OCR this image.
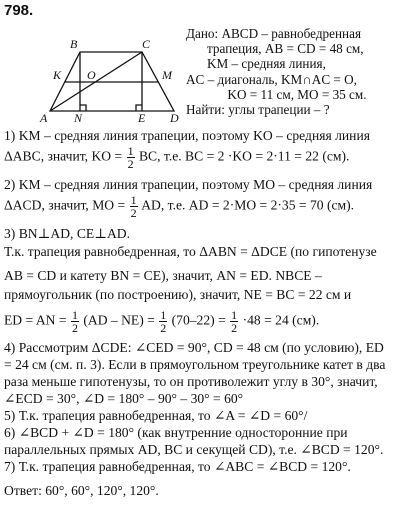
798.
B	C
K O	M
A N	E D
Дано: ABCD – равнобедренная
трапеция, AB = CD = 48 см,
KM – средняя линия,
AC – диагональ, KM∩AC = O,
KO = 11 см, MO = 35 см.
Найти: углы трапеции – ?
1) KM – средняя линия трапеции, поэтому KO – средняя линия
ΔABC, значит, KO = $\frac{1}{2}$ BC, т.е. BC = 2 ·KO = 2·11 = 22 (см).
2) KM – средняя линия трапеции, поэтому MO – средняя линия
ΔACD, значит, MO = $\frac{1}{2}$ AD, т.е. AD = 2·MO = 2·35 = 70 (см).
3) BN⊥AD, CE⊥AD.
Т.к. трапеция равнобедренная, то ΔABN = ΔDCE (по гипотенузе
AB = CD и катету BN = CE), значит, AN = ED. NBCE –
прямоугольник (по построению), значит, NE = BC = 22 см и
ED = AN = $\frac{1}{2} (AD - NE) = \frac{1}{2} (70-22) = \frac{1}{2} \cdot 48 = 24$ (см).
4) Рассмотрим ΔCDE: ∠CED = 90°, CD = 48 см (по условию), ED
= 24 см (см. п. 3). Если в прямоугольном треугольнике катет в два
раза меньше гипотенузы, то он противолежит углу в 30°, значит,
∠ECD = 30°, ∠D = 180° – 90° – 30° = 60°
5) Т.к. трапеция равнобедренная, то ∠A = ∠D = 60°/
6) ∠BCD + ∠D = 180° (как внутренние односторонние при
параллельных прямых AD, BC и секущей CD), т.е. ∠BCD = 120°.
7) Т.к. трапеция равнобедренная, то ∠ABC = ∠BCD = 120°.
Ответ: 60°, 60°, 120°, 120°.
